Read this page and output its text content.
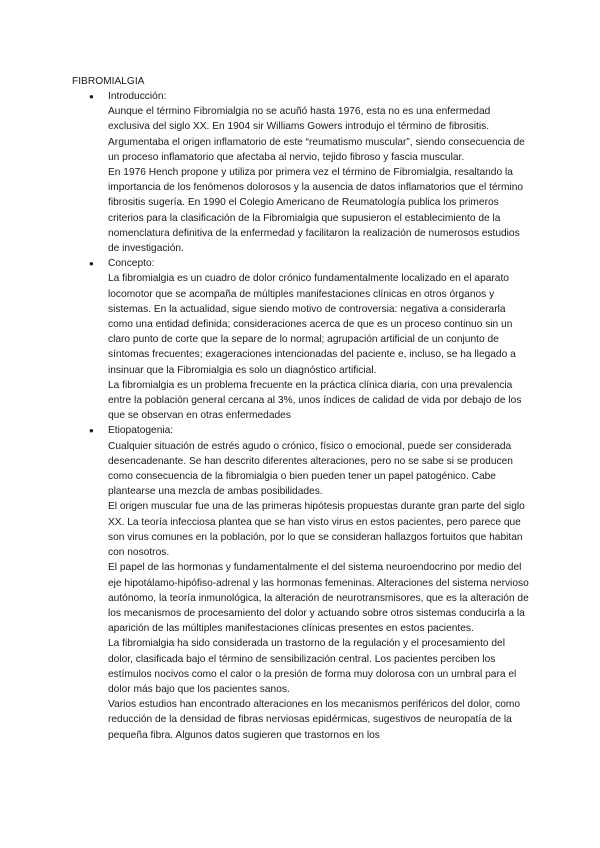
FIBROMIALGIA
● Introducción:

Aunque el término Fibromialgia no se acuñó hasta 1976, esta no es una enfermedad exclusiva del siglo XX. En 1904 sir Williams Gowers introdujo el término de fibrositis. Argumentaba el origen inflamatorio de este “reumatismo muscular”, siendo consecuencia de un proceso inflamatorio que afectaba al nervio, tejido fibroso y fascia muscular.

En 1976 Hench propone y utiliza por primera vez el término de Fibromialgia, resaltando la importancia de los fenómenos dolorosos y la ausencia de datos inflamatorios que el término fibrositis sugería. En 1990 el Colegio Americano de Reumatología publica los primeros criterios para la clasificación de la Fibromialgia que supusieron el establecimiento de la nomenclatura definitiva de la enfermedad y facilitaron la realización de numerosos estudios de investigación.

● Concepto:

La fibromialgia es un cuadro de dolor crónico fundamentalmente localizado en el aparato locomotor que se acompaña de múltiples manifestaciones clínicas en otros órganos y sistemas. En la actualidad, sigue siendo motivo de controversia: negativa a considerarla como una entidad definida; consideraciones acerca de que es un proceso continuo sin un claro punto de corte que la separe de lo normal; agrupación artificial de un conjunto de síntomas frecuentes; exageraciones intencionadas del paciente e, incluso, se ha llegado a insinuar que la Fibromialgia es solo un diagnóstico artificial.

La fibromialgia es un problema frecuente en la práctica clínica diaria, con una prevalencia entre la población general cercana al 3%, unos índices de calidad de vida por debajo de los que se observan en otras enfermedades

● Etiopatogenia:

Cualquier situación de estrés agudo o crónico, físico o emocional, puede ser considerada desencadenante. Se han descrito diferentes alteraciones, pero no se sabe si se producen como consecuencia de la fibromialgia o bien pueden tener un papel patogénico. Cabe plantearse una mezcla de ambas posibilidades.

El origen muscular fue una de las primeras hipótesis propuestas durante gran parte del siglo XX. La teoría infecciosa plantea que se han visto virus en estos pacientes, pero parece que son virus comunes en la población, por lo que se consideran hallazgos fortuitos que habitan con nosotros.

El papel de las hormonas y fundamentalmente el del sistema neuroendocrino por medio del eje hipotálamo-hipófiso-adrenal y las hormonas femeninas. Alteraciones del sistema nervioso autónomo, la teoría inmunológica, la alteración de neurotransmisores, que es la alteración de los mecanismos de procesamiento del dolor y actuando sobre otros sistemas conducirla a la aparición de las múltiples manifestaciones clínicas presentes en estos pacientes.

La fibromialgia ha sido considerada un trastorno de la regulación y el procesamiento del dolor, clasificada bajo el término de sensibilización central. Los pacientes perciben los estímulos nocivos como el calor o la presión de forma muy dolorosa con un umbral para el dolor más bajo que los pacientes sanos.

Varios estudios han encontrado alteraciones en los mecanismos periféricos del dolor, como reducción de la densidad de fibras nerviosas epidérmicas, sugestivos de neuropatía de la pequeña fibra. Algunos datos sugieren que trastornos en los
